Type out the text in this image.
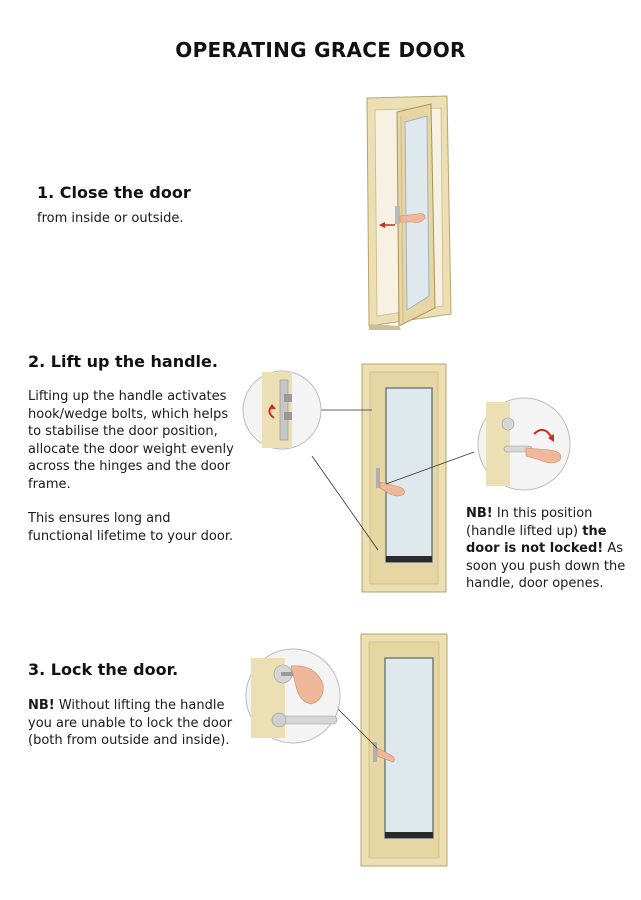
OPERATING GRACE DOOR
1. Close the door
from inside or outside.
2. Lift up the handle.
Lifting up the handle activates hook/wedge bolts, which helps to stabilise the door position, allocate the door weight evenly across the hinges and the door frame.
This ensures long and functional lifetime to your door.
NB! In this position (handle lifted up) the door is not locked! As soon you push down the handle, door openes.
3. Lock the door.
NB! Without lifting the handle you are unable to lock the door (both from outside and inside).
